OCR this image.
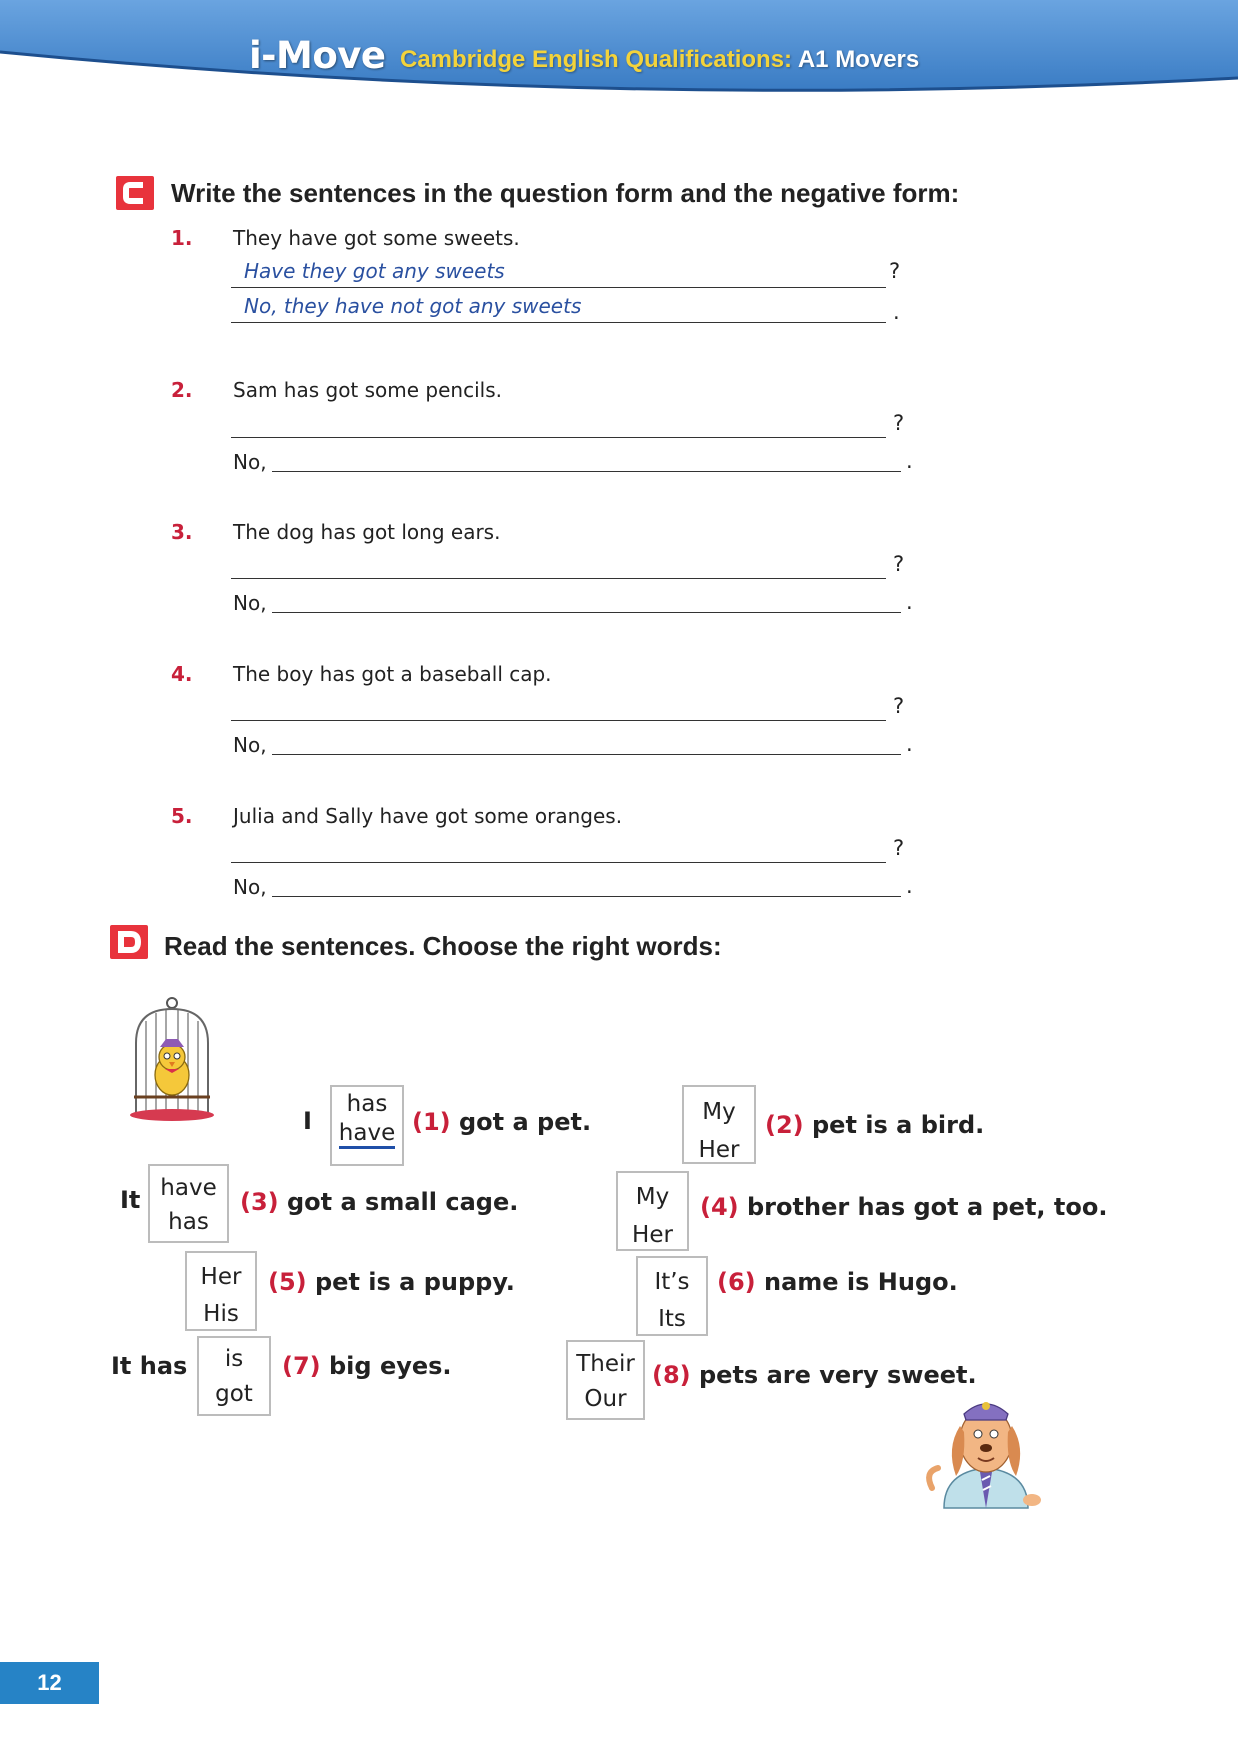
i-Move Cambridge English Qualifications: A1 Movers
Write the sentences in the question form and the negative form:
1. They have got some sweets.
Have they got any sweets	?
No, they have not got any sweets	.
2. Sam has got some pencils.
?
No,	.
3. The dog has got long ears.
?
No,	.
4. The boy has got a baseball cap.
?
No,	.
5. Julia and Sally have got some oranges.
?
No,	.
Read the sentences. Choose the right words:
I
has
have (1) got a pet.	My
Her
(2) pet is a bird.
It have
has
(3) got a small cage.	My
Her
(4) brother has got a pet, too.
Her
His
(5) pet is a puppy.	It’s
Its
(6) name is Hugo.
It has	is
got
(7) big eyes.	Their
Our
(8) pets are very sweet.
12
